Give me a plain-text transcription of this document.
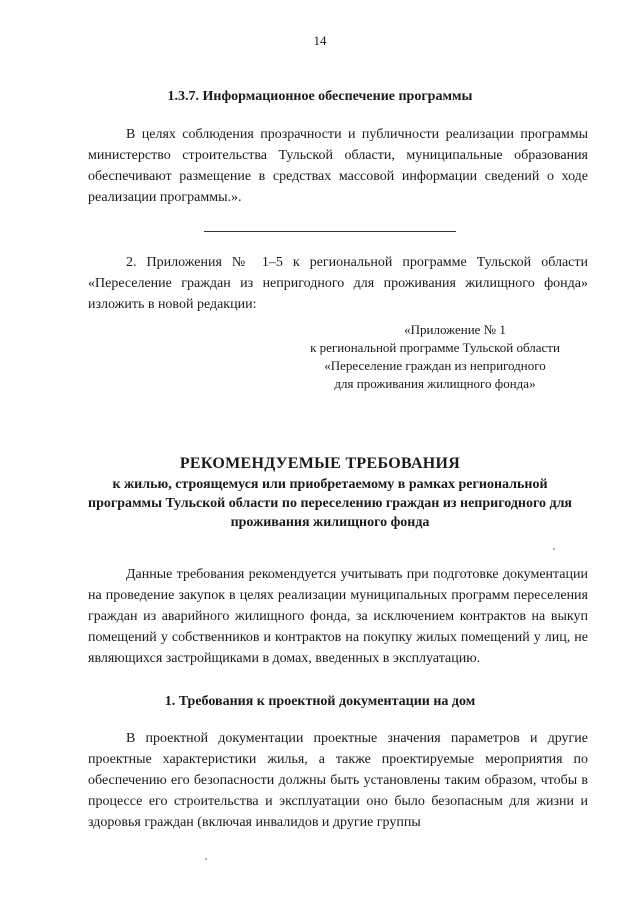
14
1.3.7. Информационное обеспечение программы

В целях соблюдения прозрачности и публичности реализации программы министерство строительства Тульской области, муниципальные образования обеспечивают размещение в средствах массовой информации сведений о ходе реализации программы.».

2. Приложения № 1–5 к региональной программе Тульской области «Переселение граждан из непригодного для проживания жилищного фонда» изложить в новой редакции:

«Приложение № 1
к региональной программе Тульской области
«Переселение граждан из непригодного
для проживания жилищного фонда»
РЕКОМЕНДУЕМЫЕ ТРЕБОВАНИЯ
к жилью, строящемуся или приобретаемому в рамках региональной программы Тульской области по переселению граждан из непригодного для проживания жилищного фонда

Данные требования рекомендуется учитывать при подготовке документации на проведение закупок в целях реализации муниципальных программ переселения граждан из аварийного жилищного фонда, за исключением контрактов на выкуп помещений у собственников и контрактов на покупку жилых помещений у лиц, не являющихся застройщиками в домах, введенных в эксплуатацию.

1. Требования к проектной документации на дом

В проектной документации проектные значения параметров и другие проектные характеристики жилья, а также проектируемые мероприятия по обеспечению его безопасности должны быть установлены таким образом, чтобы в процессе его строительства и эксплуатации оно было безопасным для жизни и здоровья граждан (включая инвалидов и другие группы
